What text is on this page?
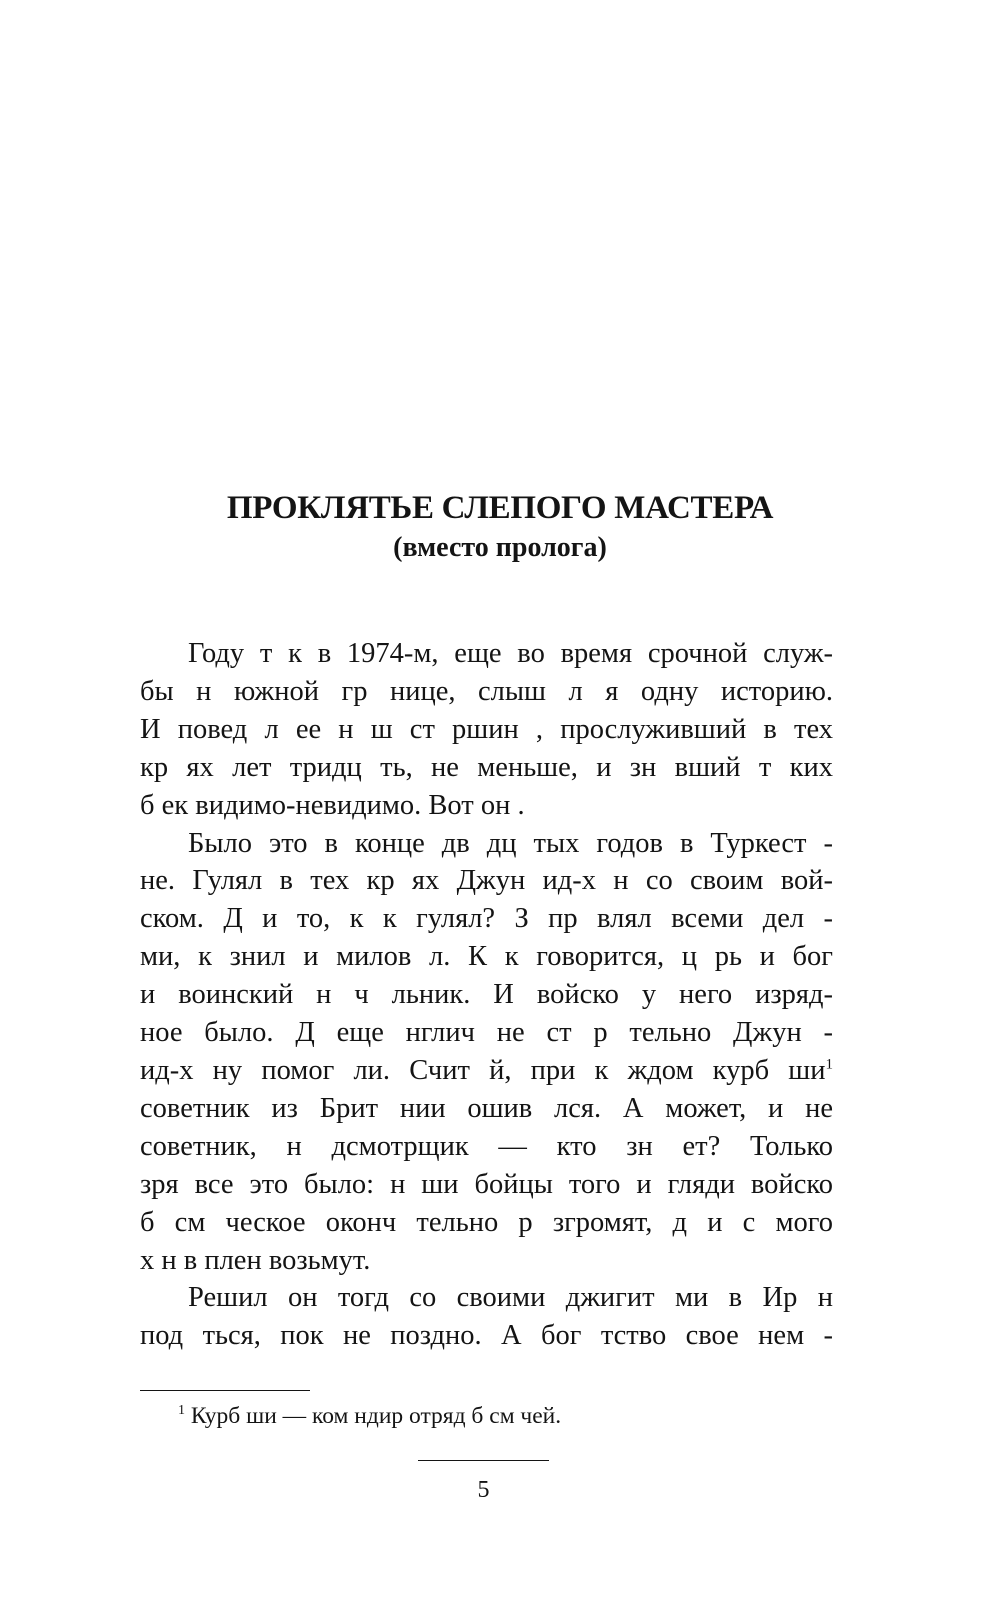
ПРОКЛЯТЬЕ СЛЕПОГО МАСТЕРА
(вместо пролога)
Году т к в 1974-м, еще во время срочной служ-
бы н южной гр нице, слыш л я одну историю.
И повед л ее н ш ст ршин , прослуживший в тех
кр ях лет тридц ть, не меньше, и зн вший т ких
б ек видимо-невидимо. Вот он .
Было это в конце дв дц тых годов в Туркест -
не. Гулял в тех кр ях Джун ид-х н со своим вой-
ском. Д и то, к к гулял? З пр влял всеми дел -
ми, к знил и милов л. К к говорится, ц рь и бог
и воинский н ч льник. И войско у него изряд-
ное было. Д еще нглич не ст р тельно Джун -
ид-х ну помог ли. Счит й, при к ждом курб ши$^1$
советник из Брит нии ошив лся. А может, и не
советник, н дсмотрщик — кто зн ет? Только
зря все это было: н ши бойцы того и гляди войско
б см ческое оконч тельно р згромят, д и с мого
х н в плен возьмут.
Решил он тогд со своими джигит ми в Ир н
под ться, пок не поздно. А бог тство свое нем -
$^1$ Курб ши — ком ндир отряд б см чей.
5
